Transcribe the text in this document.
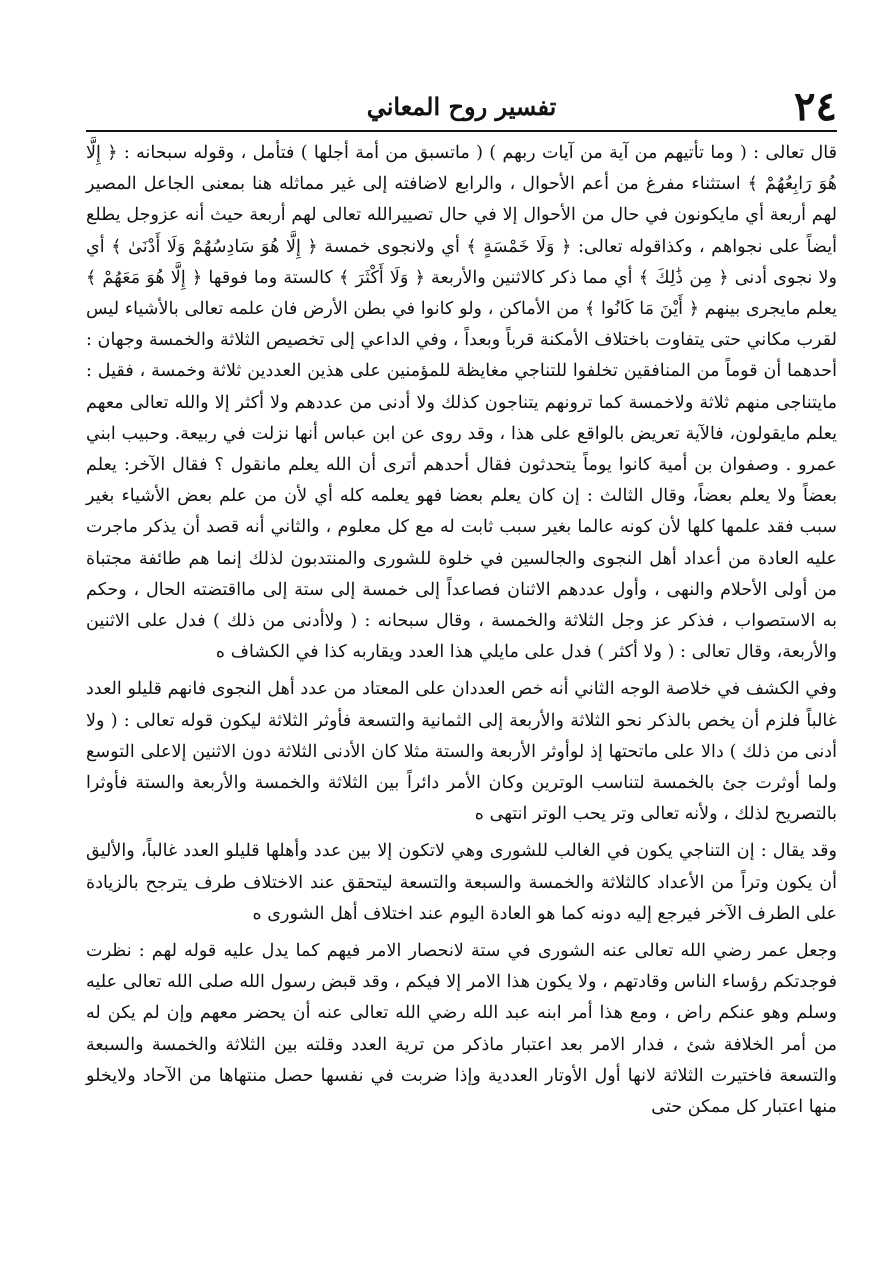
٢٤
تفسير روح المعاني

قال تعالى : ( وما تأتيهم من آية من آيات ربهم ) ( ماتسبق من أمة أجلها ) فتأمل ، وقوله سبحانه : ﴿ إِلَّا هُوَ رَابِعُهُمْ ﴾ استثناء مفرغ من أعم الأحوال ، والرابع لاضافته إلى غير مماثله هنا بمعنى الجاعل المصير لهم أربعة أي مايكونون في حال من الأحوال إلا في حال تصييرالله تعالى لهم أربعة حيث أنه عزوجل يطلع أيضاً على نجواهم ، وكذاقوله تعالى: ﴿ وَلَا خَمْسَةٍ ﴾ أي ولانجوى خمسة ﴿ إِلَّا هُوَ سَادِسُهُمْ وَلَا أَدْنَىٰ ﴾ أي ولا نجوى أدنى ﴿ مِن ذَٰلِكَ ﴾ أي مما ذكر كالاثنين والأربعة ﴿ وَلَا أَكْثَرَ ﴾ كالستة وما فوقها ﴿ إِلَّا هُوَ مَعَهُمْ ﴾ يعلم مايجرى بينهم ﴿ أَيْنَ مَا كَانُوا ﴾ من الأماكن ، ولو كانوا في بطن الأرض فان علمه تعالى بالأشياء ليس لقرب مكاني حتى يتفاوت باختلاف الأمكنة قرباً وبعداً ، وفي الداعي إلى تخصيص الثلاثة والخمسة وجهان : أحدهما أن قوماً من المنافقين تخلفوا للتناجي مغايظة للمؤمنين على هذين العددين ثلاثة وخمسة ، فقيل : مايتناجى منهم ثلاثة ولاخمسة كما ترونهم يتناجون كذلك ولا أدنى من عددهم ولا أكثر إلا والله تعالى معهم يعلم مايقولون، فالآية تعريض بالواقع على هذا ، وقد روى عن ابن عباس أنها نزلت في ربيعة. وحبيب ابني عمرو . وصفوان بن أمية كانوا يوماً يتحدثون فقال أحدهم أترى أن الله يعلم مانقول ؟ فقال الآخر: يعلم بعضاً ولا يعلم بعضاً، وقال الثالث : إن كان يعلم بعضا فهو يعلمه كله أي لأن من علم بعض الأشياء بغير سبب فقد علمها كلها لأن كونه عالما بغير سبب ثابت له مع كل معلوم ، والثاني أنه قصد أن يذكر ماجرت عليه العادة من أعداد أهل النجوى والجالسين في خلوة للشورى والمنتدبون لذلك إنما هم طائفة مجتباة من أولى الأحلام والنهى ، وأول عددهم الاثنان فصاعداً إلى خمسة إلى ستة إلى مااقتضته الحال ، وحكم به الاستصواب ، فذكر عز وجل الثلاثة والخمسة ، وقال سبحانه : ( ولاأدنى من ذلك ) فدل على الاثنين والأربعة، وقال تعالى : ( ولا أكثر ) فدل على مايلي هذا العدد ويقاربه كذا في الكشاف ه

وفي الكشف في خلاصة الوجه الثاني أنه خص العددان على المعتاد من عدد أهل النجوى فانهم قليلو العدد غالباً فلزم أن يخص بالذكر نحو الثلاثة والأربعة إلى الثمانية والتسعة فأوثر الثلاثة ليكون قوله تعالى : ( ولا أدنى من ذلك ) دالا على ماتحتها إذ لوأوثر الأربعة والستة مثلا كان الأدنى الثلاثة دون الاثنين إلاعلى التوسع ولما أوثرت جئ بالخمسة لتناسب الوترين وكان الأمر دائراً بين الثلاثة والخمسة والأربعة والستة فأوثرا بالتصريح لذلك ، ولأنه تعالى وتر يحب الوتر انتهى ه

وقد يقال : إن التناجي يكون في الغالب للشورى وهي لاتكون إلا بين عدد وأهلها قليلو العدد غالباً، والأليق أن يكون وتراً من الأعداد كالثلاثة والخمسة والسبعة والتسعة ليتحقق عند الاختلاف طرف يترجح بالزيادة على الطرف الآخر فيرجع إليه دونه كما هو العادة اليوم عند اختلاف أهل الشورى ه

وجعل عمر رضي الله تعالى عنه الشورى في ستة لانحصار الامر فيهم كما يدل عليه قوله لهم : نظرت فوجدتكم رؤساء الناس وقادتهم ، ولا يكون هذا الامر إلا فيكم ، وقد قبض رسول الله صلى الله تعالى عليه وسلم وهو عنكم راض ، ومع هذا أمر ابنه عبد الله رضي الله تعالى عنه أن يحضر معهم وإن لم يكن له من أمر الخلافة شئ ، فدار الامر بعد اعتبار ماذكر من ترية العدد وقلته بين الثلاثة والخمسة والسبعة والتسعة فاختيرت الثلاثة لانها أول الأوتار العددية وإذا ضربت في نفسها حصل منتهاها من الآحاد ولايخلو منها اعتبار كل ممكن حتى
